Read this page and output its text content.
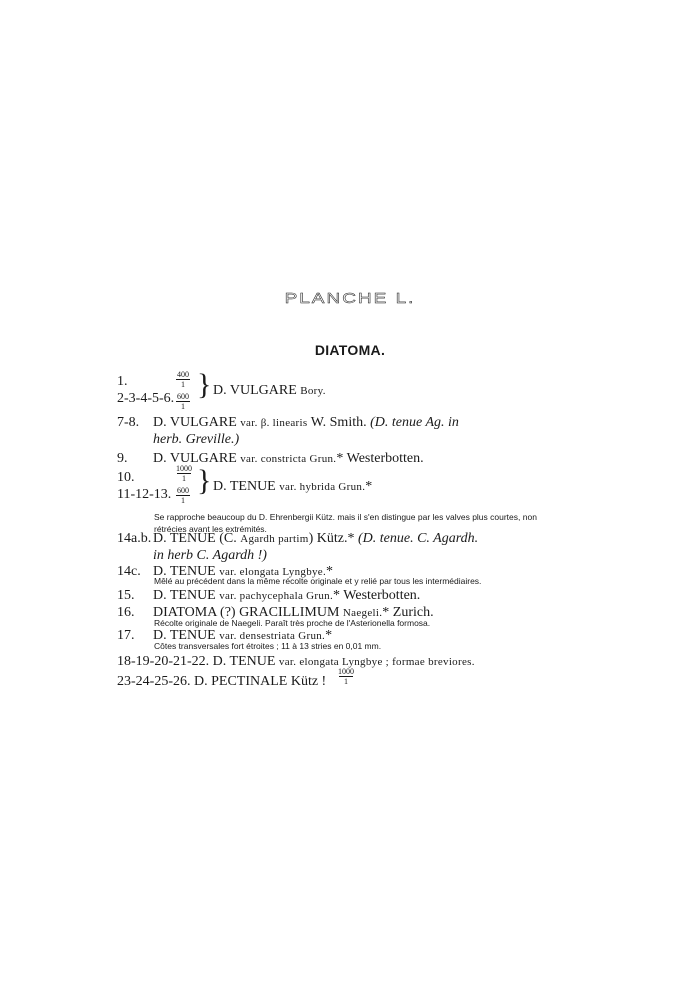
PLANCHE L.
DIATOMA.
1.
2-3-4-5-6.
400
1
600
1
} D. VULGARE Bory.
7-8. D. VULGARE var. β. linearis W. Smith. (D. tenue Ag. in
herb. Greville.)
9. D. VULGARE var. constricta Grun.* Westerbotten.
10.
11-12-13.
1000
1
600
1
} D. TENUE var. hybrida Grun.*
Se rapproche beaucoup du D. Ehrenbergii Kütz. mais il s'en distingue par les valves plus courtes, non
rétrécies avant les extrémités.
14a.b. D. TENUE (C. Agardh partim) Kütz.* (D. tenue. C. Agardh.
in herb C. Agardh !)
14c. D. TENUE var. elongata Lyngbye.*
Mêlé au précédent dans la même récolte originale et y relié par tous les intermédiaires.
15. D. TENUE var. pachycephala Grun.* Westerbotten.
16. DIATOMA (?) GRACILLIMUM Naegeli.* Zurich.
Récolte originale de Naegeli. Paraît très proche de l'Asterionella formosa.
17. D. TENUE var. densestriata Grun.*
Côtes transversales fort étroites ; 11 à 13 stries en 0,01 mm.
18-19-20-21-22. D. TENUE var. elongata Lyngbye ; formae breviores.
23-24-25-26. D. PECTINALE Kütz !
1000
1
